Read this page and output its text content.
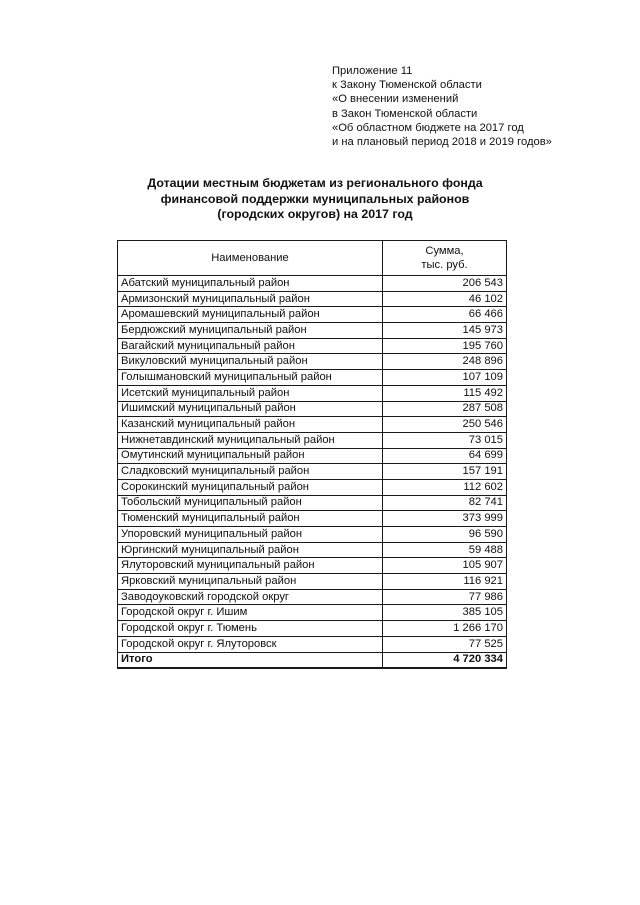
Приложение 11
к Закону Тюменской области
«О внесении изменений
в Закон Тюменской области
«Об областном бюджете на 2017 год
и на плановый период 2018 и 2019 годов»
Дотации местным бюджетам из регионального фонда
финансовой поддержки муниципальных районов
(городских округов) на 2017 год
Наименование	Сумма,
тыс. руб.

Абатский муниципальный район	206 543
Армизонский муниципальный район	46 102
Аромашевский муниципальный район	66 466
Бердюжский муниципальный район	145 973
Вагайский муниципальный район	195 760
Викуловский муниципальный район	248 896
Голышмановский муниципальный район	107 109
Исетский муниципальный район	115 492
Ишимский муниципальный район	287 508
Казанский муниципальный район	250 546
Нижнетавдинский муниципальный район	73 015
Омутинский муниципальный район	64 699
Сладковский муниципальный район	157 191
Сорокинский муниципальный район	112 602
Тобольский муниципальный район	82 741
Тюменский муниципальный район	373 999
Упоровский муниципальный район	96 590
Юргинский муниципальный район	59 488
Ялуторовский муниципальный район	105 907
Ярковский муниципальный район	116 921
Заводоуковский городской округ	77 986
Городской округ г. Ишим	385 105
Городской округ г. Тюмень	1 266 170
Городской округ г. Ялуторовск	77 525
Итого	4 720 334
